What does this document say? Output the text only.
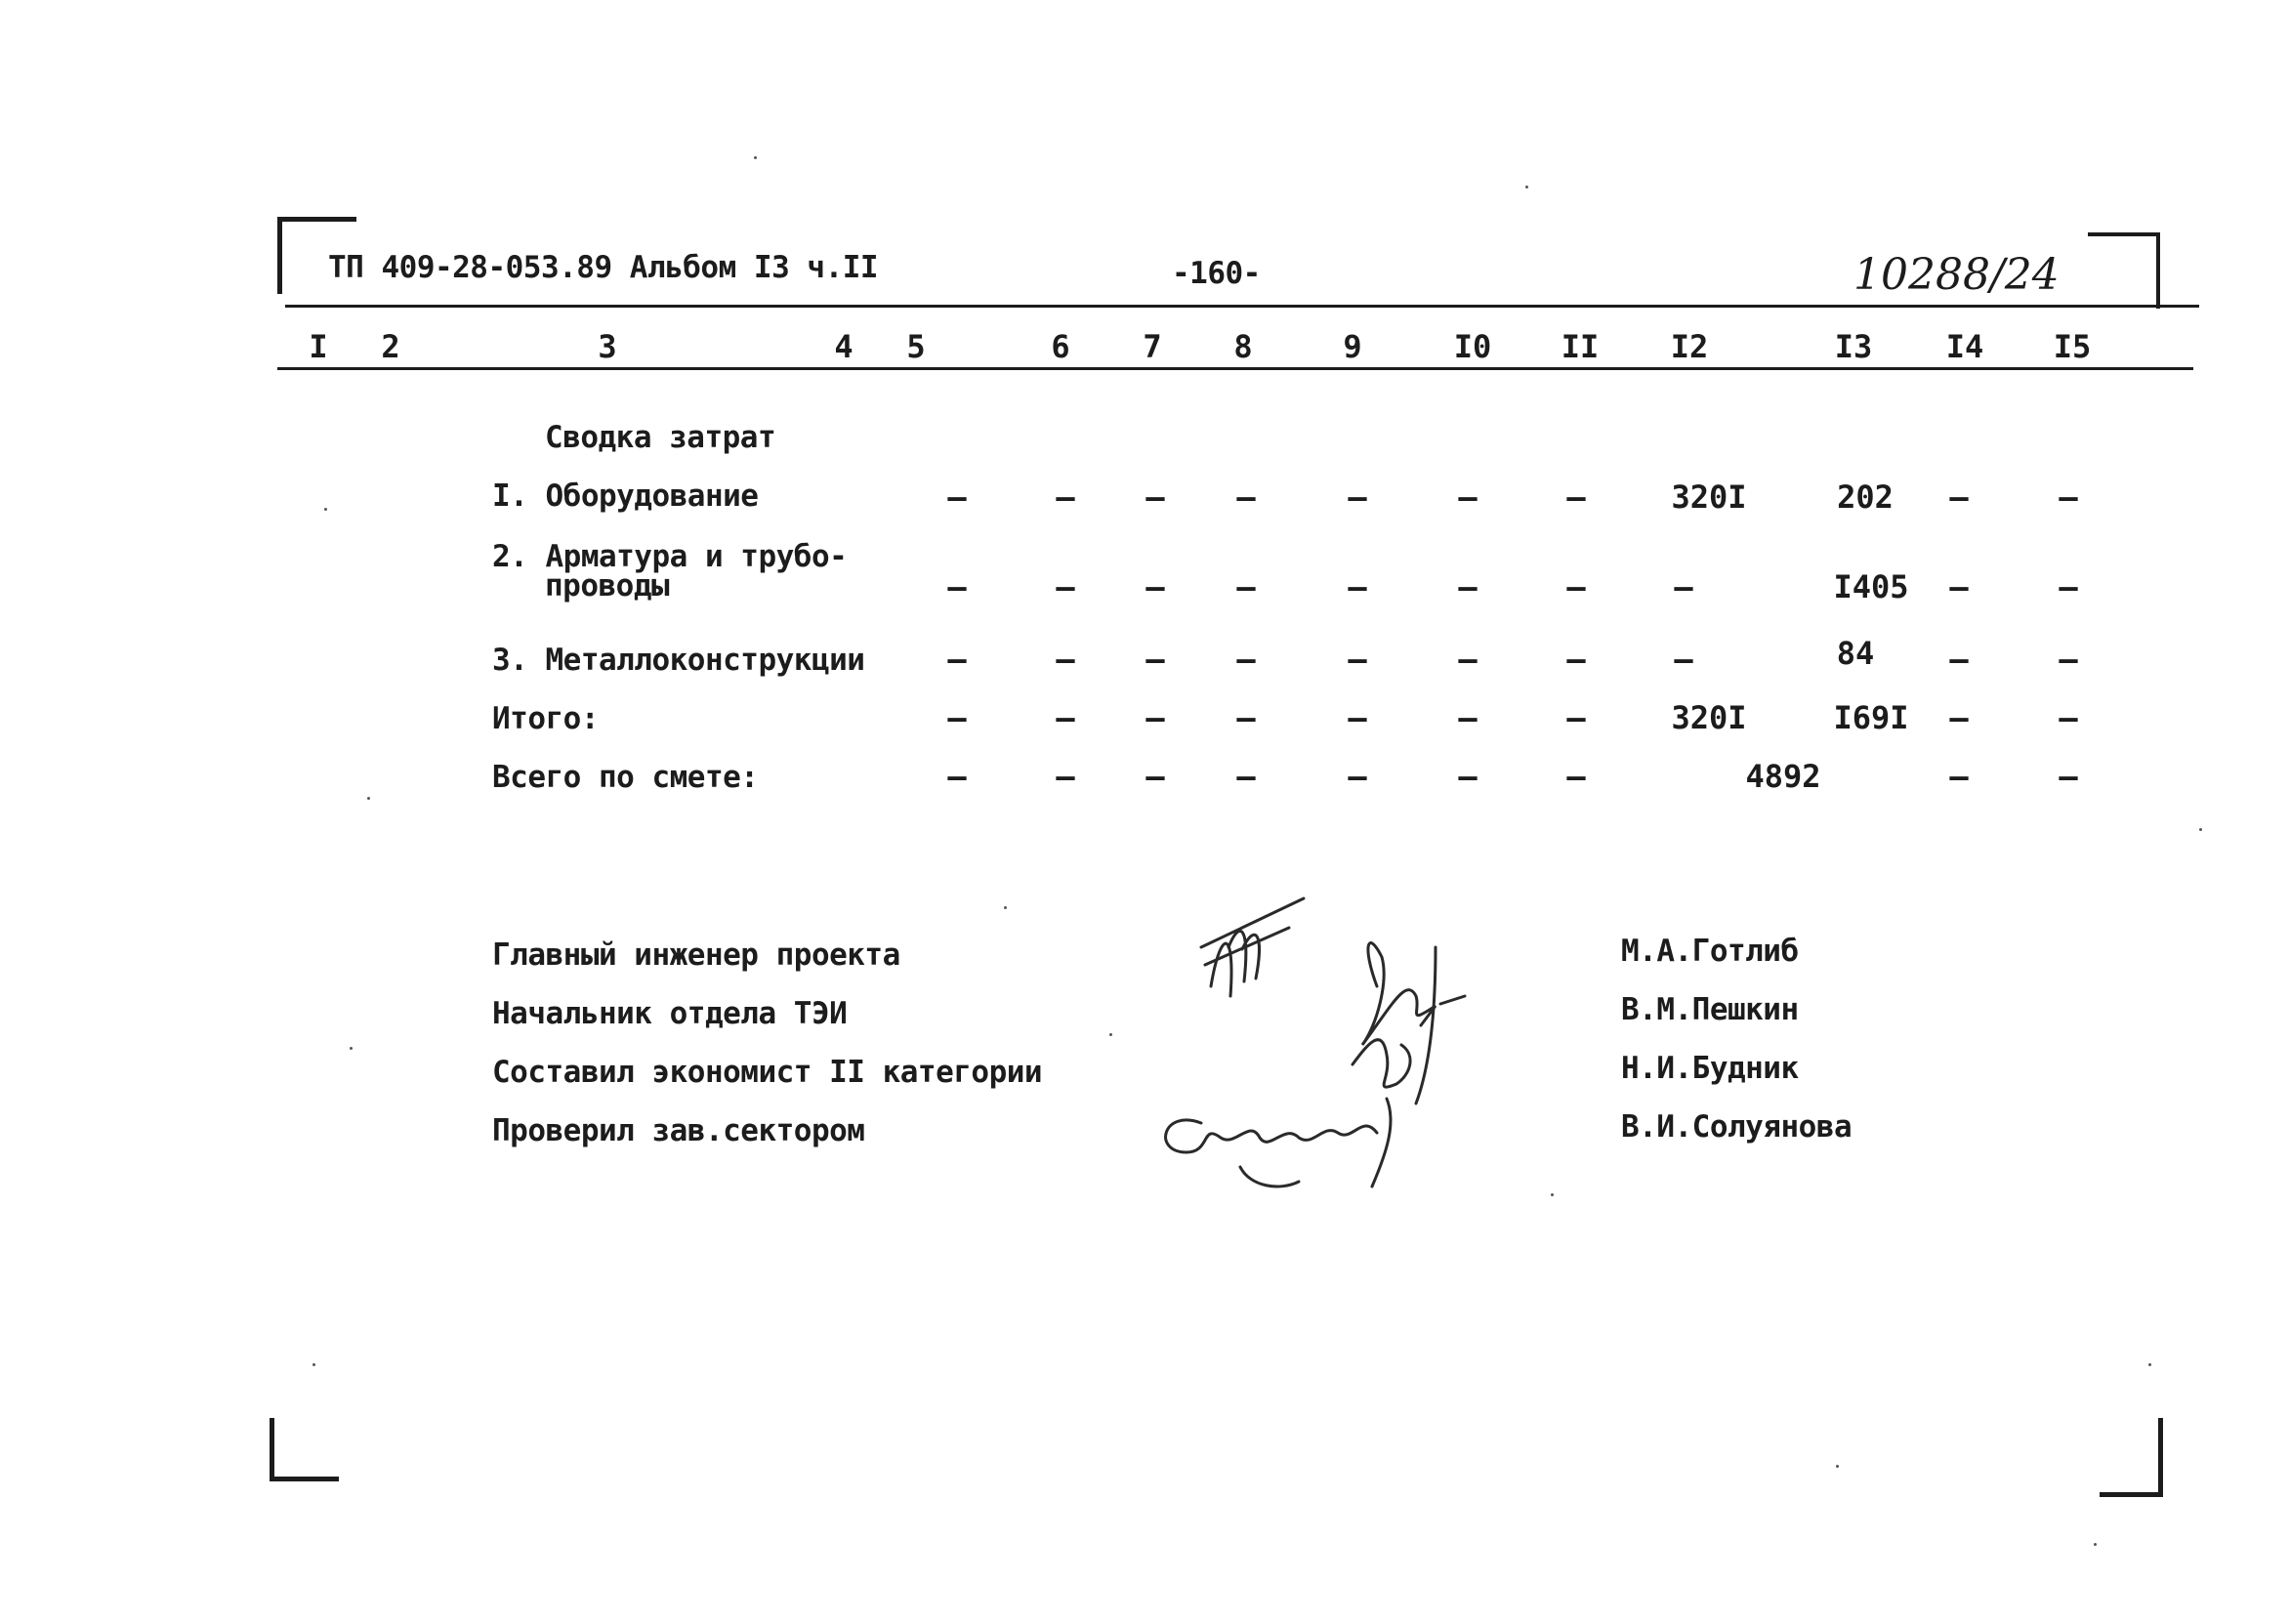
ТП 409-28-053.89 Альбом I3 ч.II	-160-	10288/24
I 2	3	4 5	6 7 8	9	I0 II I2	I3 I4 I5
Сводка затрат
I. Оборудование	–	– – –	–	–	–	320I	202 –	–
2. Арматура и трубо-
проводы	–	– – –	–	–	–	–	I405 –	–
3. Металлоконструкции	–	– – –	–	–	–	–	84 –	–
Итого:	–	– – –	–	–	–	320I	I69I –	–
Всего по смете:	–	– – –	–	–	–	4892	–	–
Главный инженер проекта
Начальник отдела ТЭИ
Составил экономист II категории
Проверил зав.сектором
М.А.Готлиб
В.М.Пешкин
Н.И.Будник
В.И.Солуянова
